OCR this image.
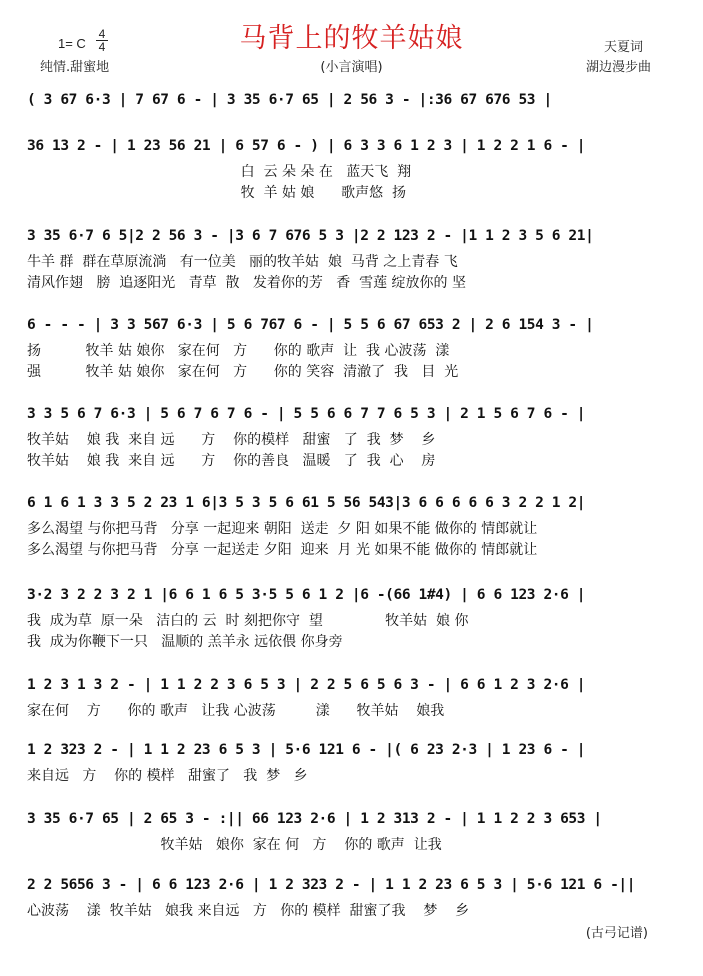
马背上的牧羊姑娘
1= C
4
4
纯情.甜蜜地	(小言演唱)
天夏词
湖边漫步曲
( 3 67 6·3 | 7 67 6 - | 3 35 6·7 65 | 2 56 3 - |:36 67 676 53 |
36 13 2 - | 1 23 56 21 | 6 57 6 - ) | 6 3 3 6 1 2 3 | 1 2 2 1 6 - |
白  云 朵 朵 在   蓝天飞  翔
牧  羊 姑 娘      歌声悠  扬
3 35 6·7 6 5|2 2 56 3 - |3 6 7 676 5 3 |2 2 123 2 - |1 1 2 3 5 6 21|
牛羊 群  群在草原流淌   有一位美   丽的牧羊姑  娘  马背 之上青春 飞
清风作翅   膀  追逐阳光   青草  散   发着你的芳   香  雪莲 绽放你的 坚
6 - - - | 3 3 567 6·3 | 5 6 767 6 - | 5 5 6 67 653 2 | 2 6 154 3 - |
扬          牧羊 姑 娘你   家在何   方      你的 歌声  让  我 心波荡  漾
强          牧羊 姑 娘你   家在何   方      你的 笑容  清澈了  我   目  光
3 3 5 6 7 6·3 | 5 6 7 6 7 6 - | 5 5 6 6 7 7 6 5 3 | 2 1 5 6 7 6 - |
牧羊姑    娘 我  来自 远      方    你的模样   甜蜜   了  我  梦    乡
牧羊姑    娘 我  来自 远      方    你的善良   温暖   了  我  心    房
6 1 6 1 3 3 5 2 23 1 6|3 5 3 5 6 61 5 56 543|3 6 6 6 6 6 3 2 2 1 2|
多么渴望 与你把马背   分享 一起迎来 朝阳  送走  夕 阳 如果不能 做你的 情郎就让
多么渴望 与你把马背   分享 一起送走 夕阳  迎来  月 光 如果不能 做你的 情郎就让
3·2 3 2 2 3 2 1 |6 6 1 6 5 3·5 5 6 1 2 |6 -(66 1#4) | 6 6 123 2·6 |
我  成为草  原一朵   洁白的 云  时 刻把你守  望              牧羊姑  娘 你
我  成为你鞭下一只   温顺的 羔羊永 远依偎 你身旁
1 2 3 1 3 2 - | 1 1 2 2 3 6 5 3 | 2 2 5 6 5 6 3 - | 6 6 1 2 3 2·6 |
家在何    方      你的 歌声   让我 心波荡         漾      牧羊姑    娘我
1 2 323 2 - | 1 1 2 23 6 5 3 | 5·6 121 6 - |( 6 23 2·3 | 1 23 6 - |
来自远   方    你的 模样   甜蜜了   我  梦   乡
3 35 6·7 65 | 2 65 3 - :|| 66 123 2·6 | 1 2 313 2 - | 1 1 2 2 3 653 |
牧羊姑   娘你  家在 何   方    你的 歌声  让我
2 2 5656 3 - | 6 6 123 2·6 | 1 2 323 2 - | 1 1 2 23 6 5 3 | 5·6 121 6 -||
心波荡    漾  牧羊姑   娘我 来自远   方   你的 模样  甜蜜了我    梦    乡
(古弓记谱)
